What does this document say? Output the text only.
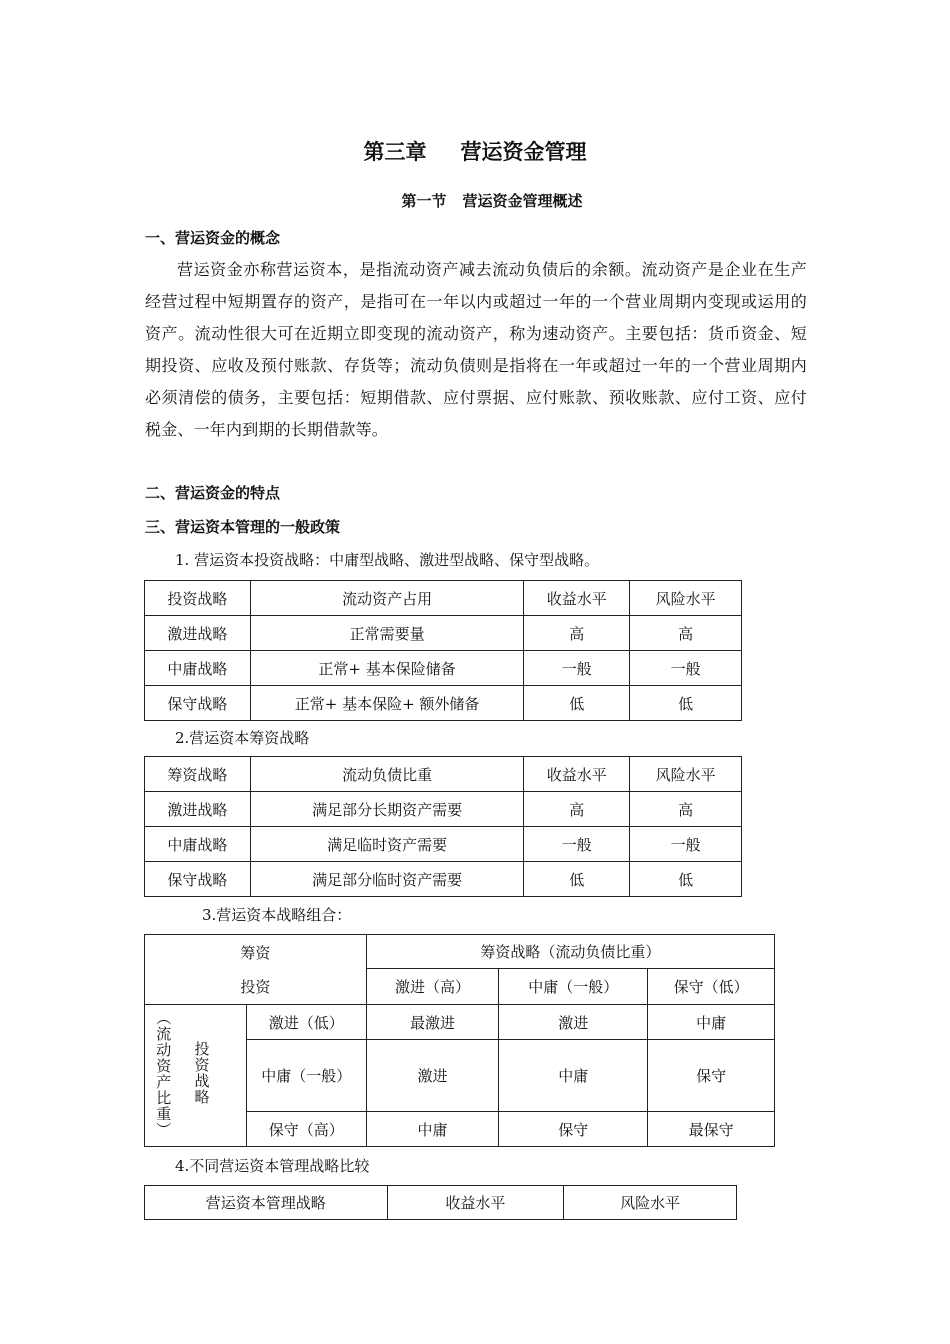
第三章 营运资金管理
第一节 营运资金管理概述
一、营运资金的概念
营运资金亦称营运资本，是指流动资产减去流动负债后的余额。流动资产是企业在生产经营过程中短期置存的资产，是指可在一年以内或超过一年的一个营业周期内变现或运用的资产。流动性很大可在近期立即变现的流动资产，称为速动资产。主要包括：货币资金、短期投资、应收及预付账款、存货等；流动负债则是指将在一年或超过一年的一个营业周期内必须清偿的债务，主要包括：短期借款、应付票据、应付账款、预收账款、应付工资、应付税金、一年内到期的长期借款等。
二、营运资金的特点
三、营运资本管理的一般政策
1. 营运资本投资战略：中庸型战略、激进型战略、保守型战略。
投资战略	流动资产占用	收益水平	风险水平
激进战略	正常需要量	高	高
中庸战略	正常+ 基本保险储备	一般	一般
保守战略	正常+ 基本保险+ 额外储备	低	低
2.营运资本筹资战略
筹资战略	流动负债比重	收益水平	风险水平
激进战略	满足部分长期资产需要	高	高
中庸战略	满足临时资产需要	一般	一般
保守战略	满足部分临时资产需要	低	低
3.营运资本战略组合：
筹资
投资			筹资战略（流动负债比重）		
			激进（高）	中庸（一般）	保守（低）

（流动资产比重）	投资战略	激进（低）	最激进	激进	中庸
		中庸（一般）	激进	中庸	保守
		保守（高）	中庸	保守	最保守
4.不同营运资本管理战略比较
营运资本管理战略	收益水平	风险水平
